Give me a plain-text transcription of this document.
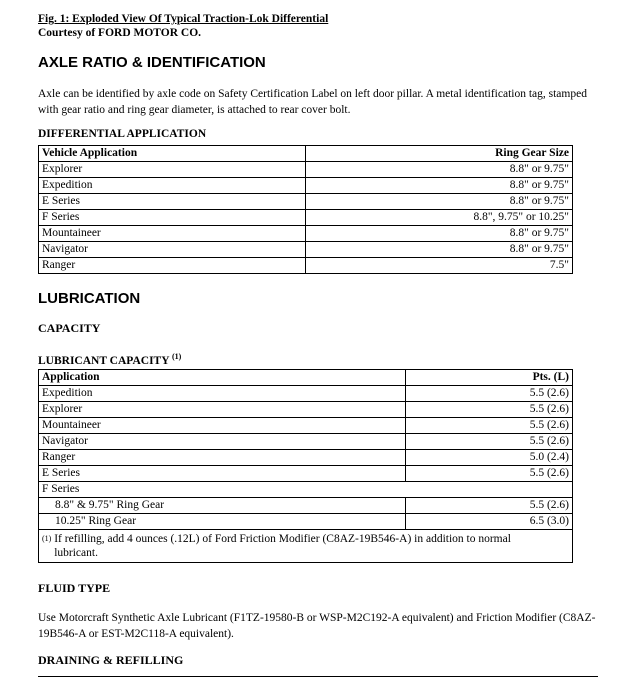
Fig. 1: Exploded View Of Typical Traction-Lok Differential
Courtesy of FORD MOTOR CO.
AXLE RATIO & IDENTIFICATION
Axle can be identified by axle code on Safety Certification Label on left door pillar. A metal identification tag, stamped with gear ratio and ring gear diameter, is attached to rear cover bolt.
DIFFERENTIAL APPLICATION
Vehicle Application	Ring Gear Size
Explorer	8.8" or 9.75"
Expedition	8.8" or 9.75"
E Series	8.8" or 9.75"
F Series	8.8", 9.75" or 10.25"
Mountaineer	8.8" or 9.75"
Navigator	8.8" or 9.75"
Ranger	7.5"
LUBRICATION
CAPACITY
LUBRICANT CAPACITY $^{(1)}$
Application	Pts. (L)
Expedition	5.5 (2.6)
Explorer	5.5 (2.6)
Mountaineer	5.5 (2.6)
Navigator	5.5 (2.6)
Ranger	5.0 (2.4)
E Series	5.5 (2.6)
F Series	
8.8" & 9.75" Ring Gear	5.5 (2.6)
10.25" Ring Gear	6.5 (3.0)
$^{(1)}$ If refilling, add 4 ounces (.12L) of Ford Friction Modifier (C8AZ-19B546-A) in addition to normal lubricant.	
FLUID TYPE
Use Motorcraft Synthetic Axle Lubricant (F1TZ-19580-B or WSP-M2C192-A equivalent) and Friction Modifier (C8AZ-19B546-A or EST-M2C118-A equivalent).
DRAINING & REFILLING
